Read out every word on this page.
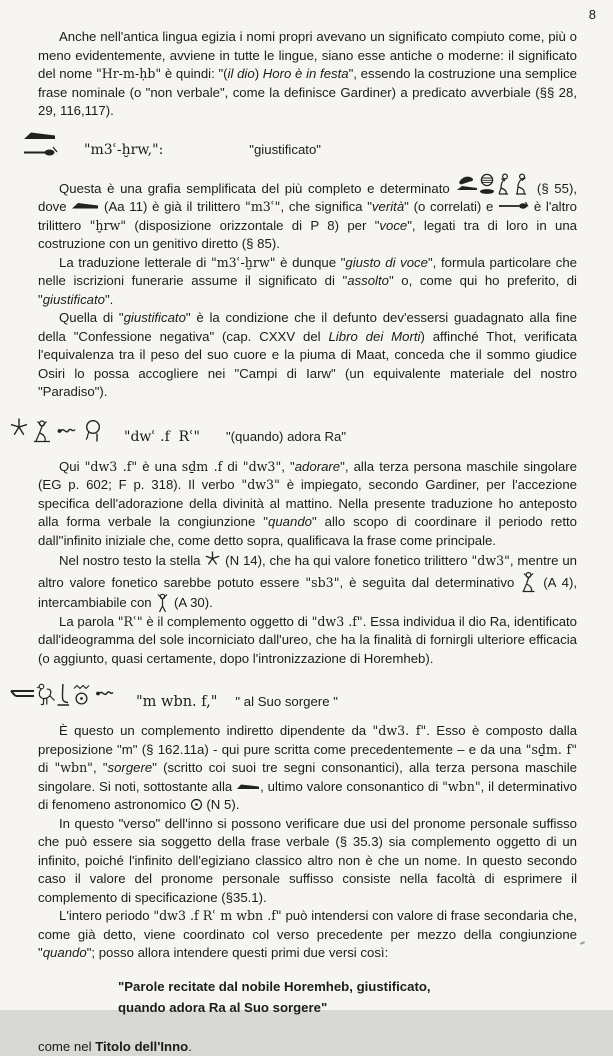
8

Anche nell'antica lingua egizia i nomi propri avevano un significato compiuto come, più o meno evidentemente, avviene in tutte le lingue, siano esse antiche o moderne: il significato del nome "Hr-m-ḥb" è quindi: "(il dio) Horo è in festa", essendo la costruzione una semplice frase nominale (o "non verbale", come la definisce Gardiner) a predicato avverbiale (§§ 28, 29, 116,117).

"m3ʿ-ḫrw,":	"giustificato"

Questa è una grafia semplificata del più completo e determinato	(§ 55), dove
(Aa 11) è già il trilittero "m3ʿ", che significa "verità" (o correlati) e
è l'altro trilittero "ḫrw" (disposizione orizzontale di P 8) per "voce", legati tra di loro in una costruzione con un genitivo diretto (§ 85).

La traduzione letterale di "m3ʿ-ḫrw" è dunque "giusto di voce", formula particolare che nelle iscrizioni funerarie assume il significato di "assolto" o, come qui ho preferito, di "giustificato".

Quella di "giustificato" è la condizione che il defunto dev'essersi guadagnato alla fine della "Confessione negativa" (cap. CXXV del Libro dei Morti) affinché Thot, verificata l'equivalenza tra il peso del suo cuore e la piuma di Maat, conceda che il sommo giudice Osiri lo possa accogliere nei "Campi di Iarw" (un equivalente materiale del nostro "Paradiso").

"dwʿ .f  Rʿ" "(quando) adora Ra"

Qui "dw3 .f" è una sḏm .f di "dw3", "adorare", alla terza persona maschile singolare (EG p. 602; F p. 318). Il verbo "dw3" è impiegato, secondo Gardiner, per l'accezione specifica dell'adorazione della divinità al mattino. Nella presente traduzione ho anteposto alla forma verbale la congiunzione "quando" allo scopo di coordinare il periodo retto dall''infinito iniziale che, come detto sopra, qualificava la frase come principale.

Nel nostro testo la stella
(N 14), che ha qui valore fonetico trilittero "dw3", mentre un altro valore fonetico sarebbe potuto essere "sb3", è seguìta dal determinativo
(A 4), intercambiabile con
(A 30).

La parola "Rʿ" è il complemento oggetto di "dw3 .f". Essa individua il dio Ra, identificato dall'ideogramma del sole incorniciato dall'ureo, che ha la finalità di fornirgli ulteriore efficacia (o aggiunto, quasi certamente, dopo l'intronizzazione di Horemheb).

"m wbn. f," " al Suo sorgere "

È questo un complemento indiretto dipendente da "dw3. f". Esso è composto dalla preposizione "m" (§ 162.11a) - qui pure scritta come precedentemente – e da una "sḏm. f" di "wbn", "sorgere" (scritto coi suoi tre segni consonantici), alla terza persona maschile singolare. Si noti, sottostante alla
, ultimo valore consonantico di "wbn", il determinativo di fenomeno astronomico
(N 5).

In questo "verso" dell'inno si possono verificare due usi del pronome personale suffisso che può essere sia soggetto della frase verbale (§ 35.3) sia complemento oggetto di un infinito, poiché l'infinito dell'egiziano classico altro non è che un nome. In questo secondo caso il valore del pronome personale suffisso consiste nella facoltà di esprimere il complemento di specificazione (§35.1).

L'intero periodo "dw3 .f Rʿ m wbn .f" può intendersi con valore di frase secondaria che, come già detto, viene coordinato col verso precedente per mezzo della congiunzione "quando"; posso allora intendere questi primi due versi così:

"Parole recitate dal nobile Horemheb, giustificato,
quando adora Ra al Suo sorgere"

come nel Titolo dell'Inno.
